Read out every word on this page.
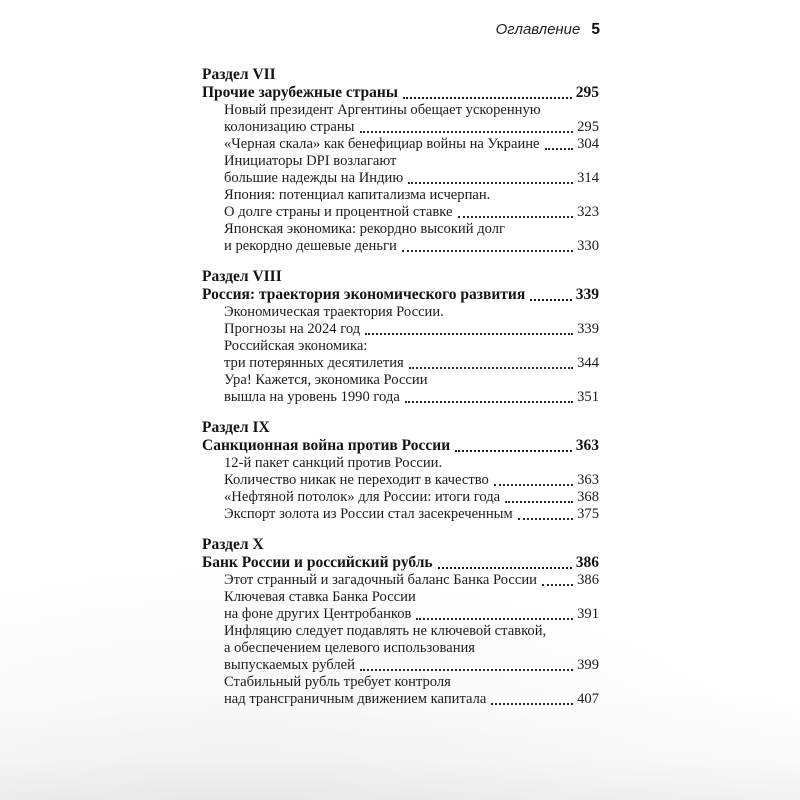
Оглавление 5
Раздел VII
Прочие зарубежные страны	295
Новый президент Аргентины обещает ускоренную
колонизацию страны	295
«Черная скала» как бенефициар войны на Украине	304
Инициаторы DPI возлагают
большие надежды на Индию	314
Япония: потенциал капитализма исчерпан.
О долге страны и процентной ставке	323
Японская экономика: рекордно высокий долг
и рекордно дешевые деньги	330
Раздел VIII
Россия: траектория экономического развития	339
Экономическая траектория России.
Прогнозы на 2024 год	339
Российская экономика:
три потерянных десятилетия	344
Ура! Кажется, экономика России
вышла на уровень 1990 года	351
Раздел IX
Санкционная война против России	363
12-й пакет санкций против России.
Количество никак не переходит в качество	363
«Нефтяной потолок» для России: итоги года	368
Экспорт золота из России стал засекреченным	375
Раздел X
Банк России и российский рубль	386
Этот странный и загадочный баланс Банка России	386
Ключевая ставка Банка России
на фоне других Центробанков	391
Инфляцию следует подавлять не ключевой ставкой,
а обеспечением целевого использования
выпускаемых рублей	399
Стабильный рубль требует контроля
над трансграничным движением капитала	407
